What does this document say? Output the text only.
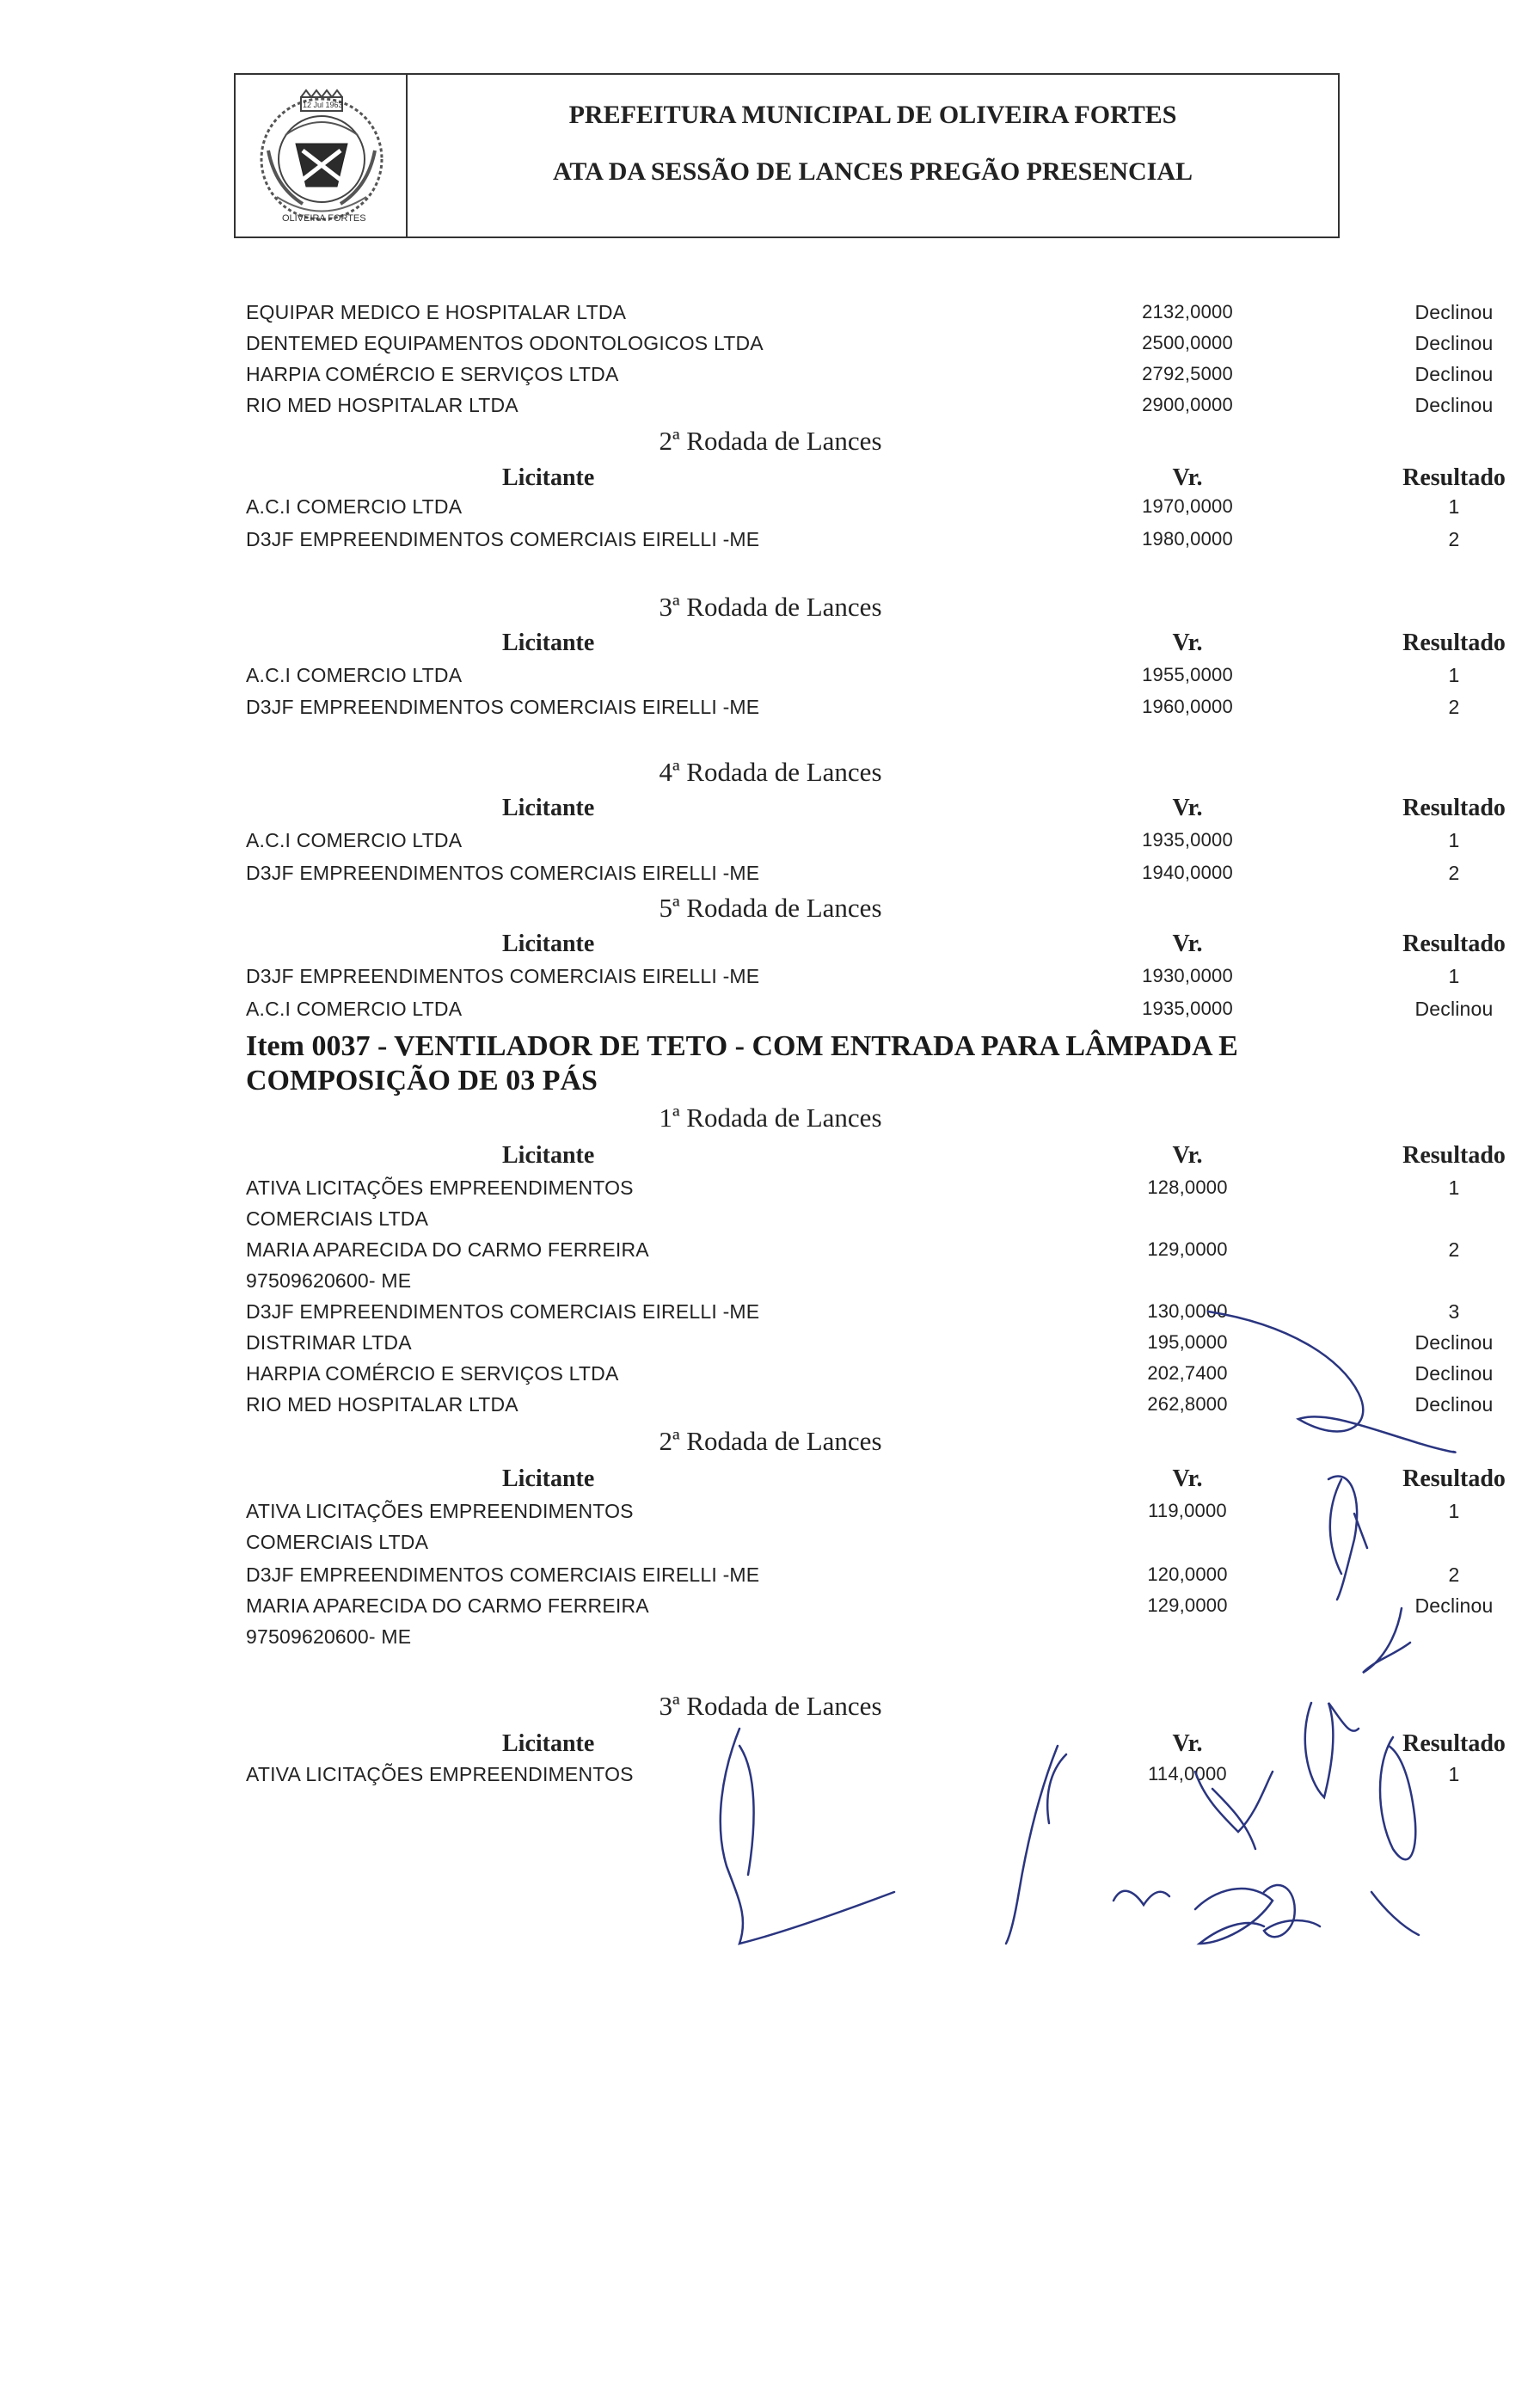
12 Jul 1963
OLIVEIRA FORTES
PREFEITURA MUNICIPAL DE OLIVEIRA FORTES
ATA DA SESSÃO DE LANCES PREGÃO PRESENCIAL
EQUIPAR MEDICO E HOSPITALAR LTDA	2132,0000	Declinou
DENTEMED EQUIPAMENTOS ODONTOLOGICOS LTDA	2500,0000	Declinou
HARPIA COMÉRCIO E SERVIÇOS LTDA	2792,5000	Declinou
RIO MED HOSPITALAR LTDA	2900,0000	Declinou
2ª Rodada de Lances
Licitante	Vr.	Resultado
A.C.I COMERCIO LTDA	1970,0000	1
D3JF EMPREENDIMENTOS COMERCIAIS EIRELLI -ME	1980,0000	2
3ª Rodada de Lances
Licitante	Vr.	Resultado
A.C.I COMERCIO LTDA	1955,0000	1
D3JF EMPREENDIMENTOS COMERCIAIS EIRELLI -ME	1960,0000	2
4ª Rodada de Lances
Licitante	Vr.	Resultado
A.C.I COMERCIO LTDA	1935,0000	1
D3JF EMPREENDIMENTOS COMERCIAIS EIRELLI -ME	1940,0000	2
5ª Rodada de Lances
Licitante	Vr.	Resultado
D3JF EMPREENDIMENTOS COMERCIAIS EIRELLI -ME	1930,0000	1
A.C.I COMERCIO LTDA	1935,0000	Declinou
Item 0037 - VENTILADOR DE TETO - COM ENTRADA PARA LÂMPADA E
COMPOSIÇÃO DE 03 PÁS
1ª Rodada de Lances
Licitante	Vr.	Resultado
ATIVA LICITAÇÕES EMPREENDIMENTOS	128,0000	1
COMERCIAIS LTDA
MARIA APARECIDA DO CARMO FERREIRA	129,0000	2
97509620600- ME
D3JF EMPREENDIMENTOS COMERCIAIS EIRELLI -ME	130,0000	3
DISTRIMAR LTDA	195,0000	Declinou
HARPIA COMÉRCIO E SERVIÇOS LTDA	202,7400	Declinou
RIO MED HOSPITALAR LTDA	262,8000	Declinou
2ª Rodada de Lances
Licitante	Vr.	Resultado
ATIVA LICITAÇÕES EMPREENDIMENTOS	119,0000	1
COMERCIAIS LTDA
D3JF EMPREENDIMENTOS COMERCIAIS EIRELLI -ME	120,0000	2
MARIA APARECIDA DO CARMO FERREIRA	129,0000	Declinou
97509620600- ME
3ª Rodada de Lances
Licitante	Vr.	Resultado
ATIVA LICITAÇÕES EMPREENDIMENTOS	114,0000	1
